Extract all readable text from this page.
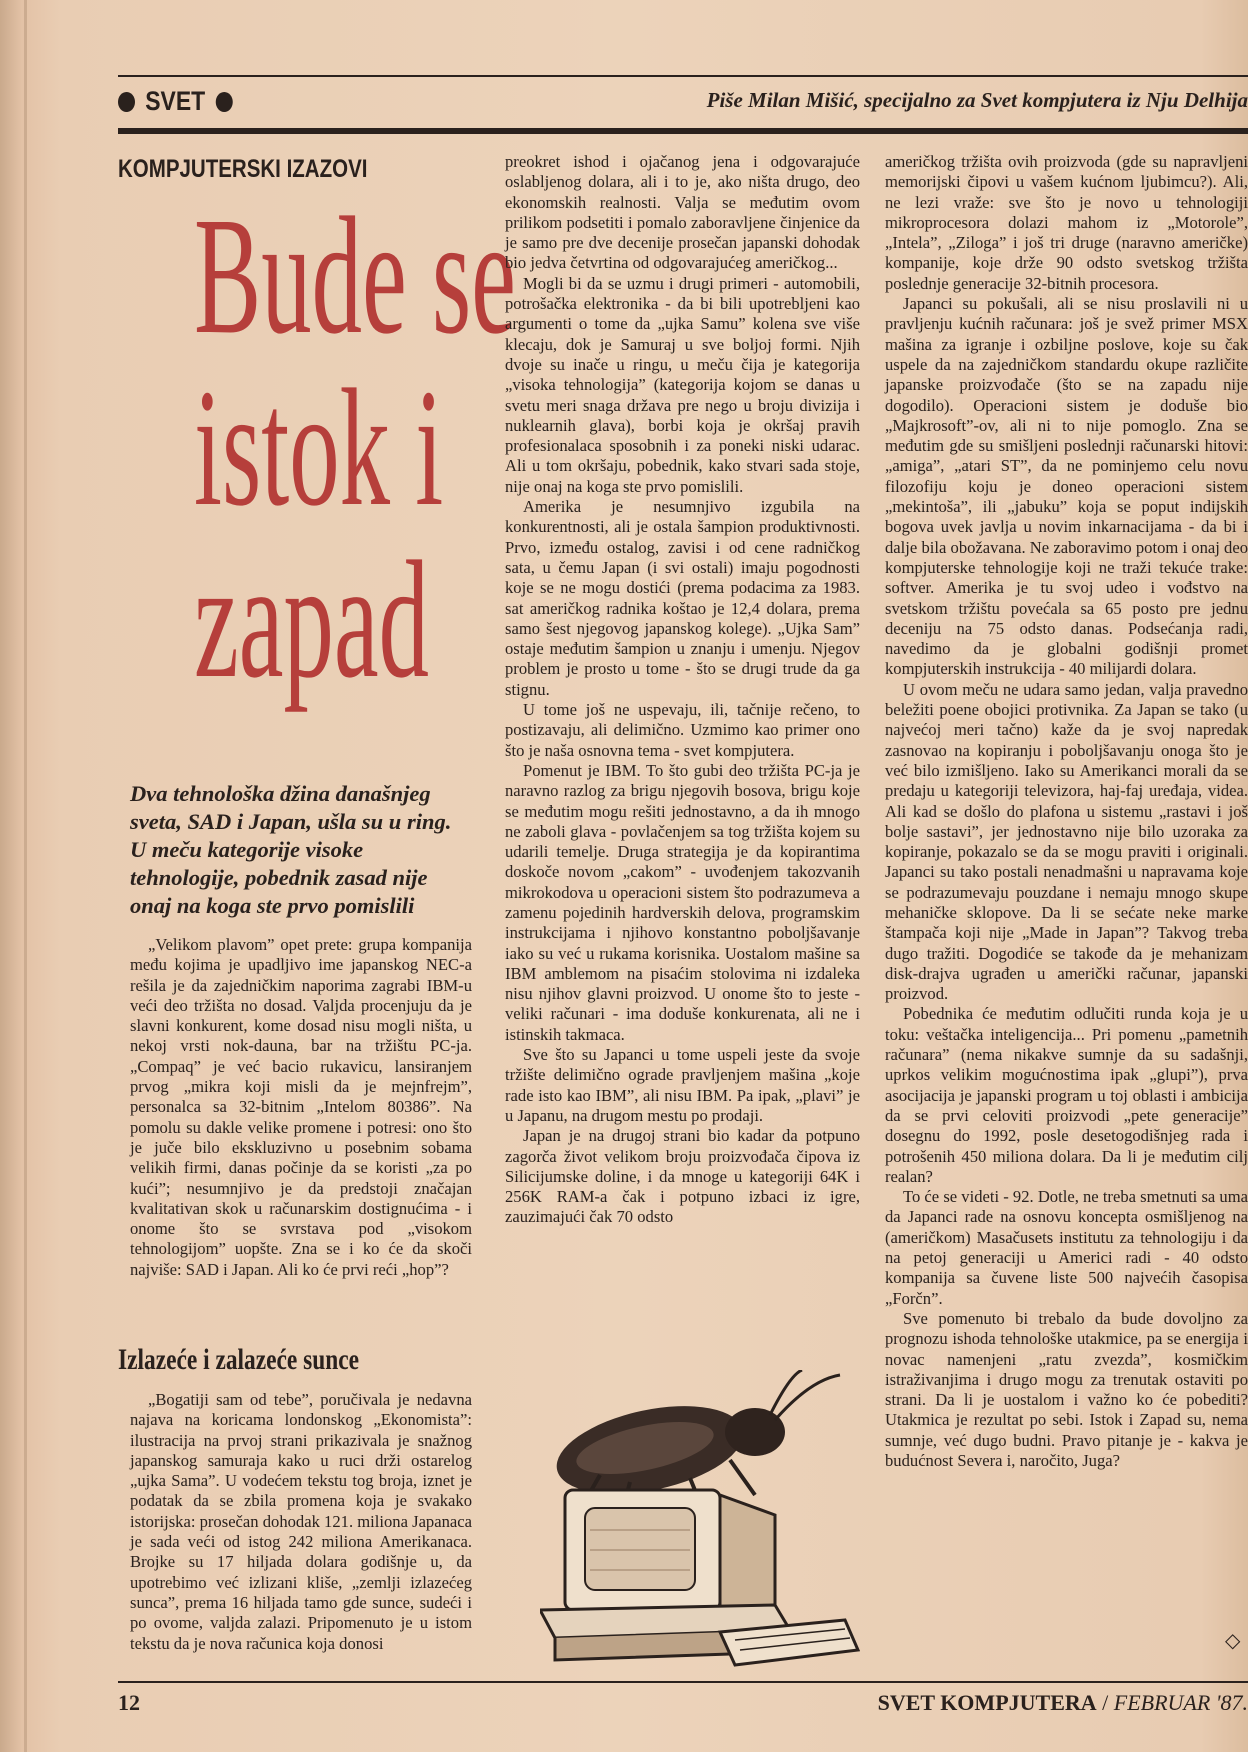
SVET	Piše Milan Mišić, specijalno za Svet kompjutera iz Nju Delhija
KOMPJUTERSKI IZAZOVI
Bude se
istok i
zapad
Dva tehnološka džina današnjeg sveta, SAD i Japan, ušla su u ring. U meču kategorije visoke tehnologije, pobednik zasad nije onaj na koga ste prvo pomislili

„Velikom plavom” opet prete: grupa kompanija među kojima je upadljivo ime japanskog NEC-a rešila je da zajedničkim naporima zagrabi IBM-u veći deo tržišta no dosad. Valjda procenjuju da je slavni konkurent, kome dosad nisu mogli ništa, u nekoj vrsti nok-dauna, bar na tržištu PC-ja. „Compaq” je već bacio rukavicu, lansiranjem prvog „mikra koji misli da je mejnfrejm”, personalca sa 32-bitnim „Intelom 80386”. Na pomolu su dakle velike promene i potresi: ono što je juče bilo ekskluzivno u posebnim sobama velikih firmi, danas počinje da se koristi „za po kući”; nesumnjivo je da predstoji značajan kvalitativan skok u računarskim dostignućima - i onome što se svrstava pod „visokom tehnologijom” uopšte. Zna se i ko će da skoči najviše: SAD i Japan. Ali ko će prvi reći „hop”?

Izlazeće i zalazeće sunce

„Bogatiji sam od tebe”, poručivala je nedavna najava na koricama londonskog „Ekonomista”: ilustracija na prvoj strani prikazivala je snažnog japanskog samuraja kako u ruci drži ostarelog „ujka Sama”. U vodećem tekstu tog broja, iznet je podatak da se zbila promena koja je svakako istorijska: prosečan dohodak 121. miliona Japanaca je sada veći od istog 242 miliona Amerikanaca. Brojke su 17 hiljada dolara godišnje u, da upotrebimo već izlizani kliše, „zemlji izlazećeg sunca”, prema 16 hiljada tamo gde sunce, sudeći i po ovome, valjda zalazi. Pripomenuto je u istom tekstu da je nova računica koja donosi

preokret ishod i ojačanog jena i odgovarajuće oslabljenog dolara, ali i to je, ako ništa drugo, deo ekonomskih realnosti. Valja se međutim ovom prilikom podsetiti i pomalo zaboravljene činjenice da je samo pre dve decenije prosečan japanski dohodak bio jedva četvrtina od odgovarajućeg američkog...

Mogli bi da se uzmu i drugi primeri - automobili, potrošačka elektronika - da bi bili upotrebljeni kao argumenti o tome da „ujka Samu” kolena sve više klecaju, dok je Samuraj u sve boljoj formi. Njih dvoje su inače u ringu, u meču čija je kategorija „visoka tehnologija” (kategorija kojom se danas u svetu meri snaga država pre nego u broju divizija i nuklearnih glava), borbi koja je okršaj pravih profesionalaca sposobnih i za poneki niski udarac. Ali u tom okršaju, pobednik, kako stvari sada stoje, nije onaj na koga ste prvo pomislili.

Amerika je nesumnjivo izgubila na konkurentnosti, ali je ostala šampion produktivnosti. Prvo, između ostalog, zavisi i od cene radničkog sata, u čemu Japan (i svi ostali) imaju pogodnosti koje se ne mogu dostići (prema podacima za 1983. sat američkog radnika koštao je 12,4 dolara, prema samo šest njegovog japanskog kolege). „Ujka Sam” ostaje međutim šampion u znanju i umenju. Njegov problem je prosto u tome - što se drugi trude da ga stignu.

U tome još ne uspevaju, ili, tačnije rečeno, to postizavaju, ali delimično. Uzmimo kao primer ono što je naša osnovna tema - svet kompjutera.

Pomenut je IBM. To što gubi deo tržišta PC-ja je naravno razlog za brigu njegovih bosova, brigu koje se međutim mogu rešiti jednostavno, a da ih mnogo ne zaboli glava - povlačenjem sa tog tržišta kojem su udarili temelje. Druga strategija je da kopirantima doskoče novom „cakom” - uvođenjem takozvanih mikrokodova u operacioni sistem što podrazumeva a zamenu pojedinih hardverskih delova, programskim instrukcijama i njihovo konstantno poboljšavanje iako su već u rukama korisnika. Uostalom mašine sa IBM amblemom na pisaćim stolovima ni izdaleka nisu njihov glavni proizvod. U onome što to jeste - veliki računari - ima doduše konkurenata, ali ne i istinskih takmaca.

Sve što su Japanci u tome uspeli jeste da svoje tržište delimično ograde pravljenjem mašina „koje rade isto kao IBM”, ali nisu IBM. Pa ipak, „plavi” je u Japanu, na drugom mestu po prodaji.

Japan je na drugoj strani bio kadar da potpuno zagorča život velikom broju proizvođača čipova iz Silicijumske doline, i da mnoge u kategoriji 64K i 256K RAM-a čak i potpuno izbaci iz igre, zauzimajući čak 70 odsto

američkog tržišta ovih proizvoda (gde su napravljeni memorijski čipovi u vašem kućnom ljubimcu?). Ali, ne lezi vraže: sve što je novo u tehnologiji mikroprocesora dolazi mahom iz „Motorole”, „Intela”, „Ziloga” i još tri druge (naravno američke) kompanije, koje drže 90 odsto svetskog tržišta poslednje generacije 32-bitnih procesora.

Japanci su pokušali, ali se nisu proslavili ni u pravljenju kućnih računara: još je svež primer MSX mašina za igranje i ozbiljne poslove, koje su čak uspele da na zajedničkom standardu okupe različite japanske proizvođače (što se na zapadu nije dogodilo). Operacioni sistem je doduše bio „Majkrosoft”-ov, ali ni to nije pomoglo. Zna se međutim gde su smišljeni poslednji računarski hitovi: „amiga”, „atari ST”, da ne pominjemo celu novu filozofiju koju je doneo operacioni sistem „mekintoša”, ili „jabuku” koja se poput indijskih bogova uvek javlja u novim inkarnacijama - da bi i dalje bila obožavana. Ne zaboravimo potom i onaj deo kompjuterske tehnologije koji ne traži tekuće trake: softver. Amerika je tu svoj udeo i vođstvo na svetskom tržištu povećala sa 65 posto pre jednu deceniju na 75 odsto danas. Podsećanja radi, navedimo da je globalni godišnji promet kompjuterskih instrukcija - 40 milijardi dolara.

U ovom meču ne udara samo jedan, valja pravedno beležiti poene obojici protivnika. Za Japan se tako (u najvećoj meri tačno) kaže da je svoj napredak zasnovao na kopiranju i poboljšavanju onoga što je već bilo izmišljeno. Iako su Amerikanci morali da se predaju u kategoriji televizora, haj-faj uređaja, videa. Ali kad se došlo do plafona u sistemu „rastavi i još bolje sastavi”, jer jednostavno nije bilo uzoraka za kopiranje, pokazalo se da se mogu praviti i originali. Japanci su tako postali nenadmašni u napravama koje se podrazumevaju pouzdane i nemaju mnogo skupe mehaničke sklopove. Da li se sećate neke marke štampača koji nije „Made in Japan”? Takvog treba dugo tražiti. Dogodiće se takođe da je mehanizam disk-drajva ugrađen u američki računar, japanski proizvod.

Pobednika će međutim odlučiti runda koja je u toku: veštačka inteligencija... Pri pomenu „pametnih računara” (nema nikakve sumnje da su sadašnji, uprkos velikim mogućnostima ipak „glupi”), prva asocijacija je japanski program u toj oblasti i ambicija da se prvi celoviti proizvodi „pete generacije” dosegnu do 1992, posle desetogodišnjeg rada i potrošenih 450 miliona dolara. Da li je međutim cilj realan?

To će se videti - 92. Dotle, ne treba smetnuti sa uma da Japanci rade na osnovu koncepta osmišljenog na (američkom) Masačusets institutu za tehnologiju i da na petoj generaciji u Americi radi - 40 odsto kompanija sa čuvene liste 500 najvećih časopisa „Forčn”.

Sve pomenuto bi trebalo da bude dovoljno za prognozu ishoda tehnološke utakmice, pa se energija i novac namenjeni „ratu zvezda”, kosmičkim istraživanjima i drugo mogu za trenutak ostaviti po strani. Da li je uostalom i važno ko će pobediti? Utakmica je rezultat po sebi. Istok i Zapad su, nema sumnje, već dugo budni. Pravo pitanje je - kakva je budućnost Severa i, naročito, Juga?

◇
12	SVET KOMPJUTERA / FEBRUAR '87.
